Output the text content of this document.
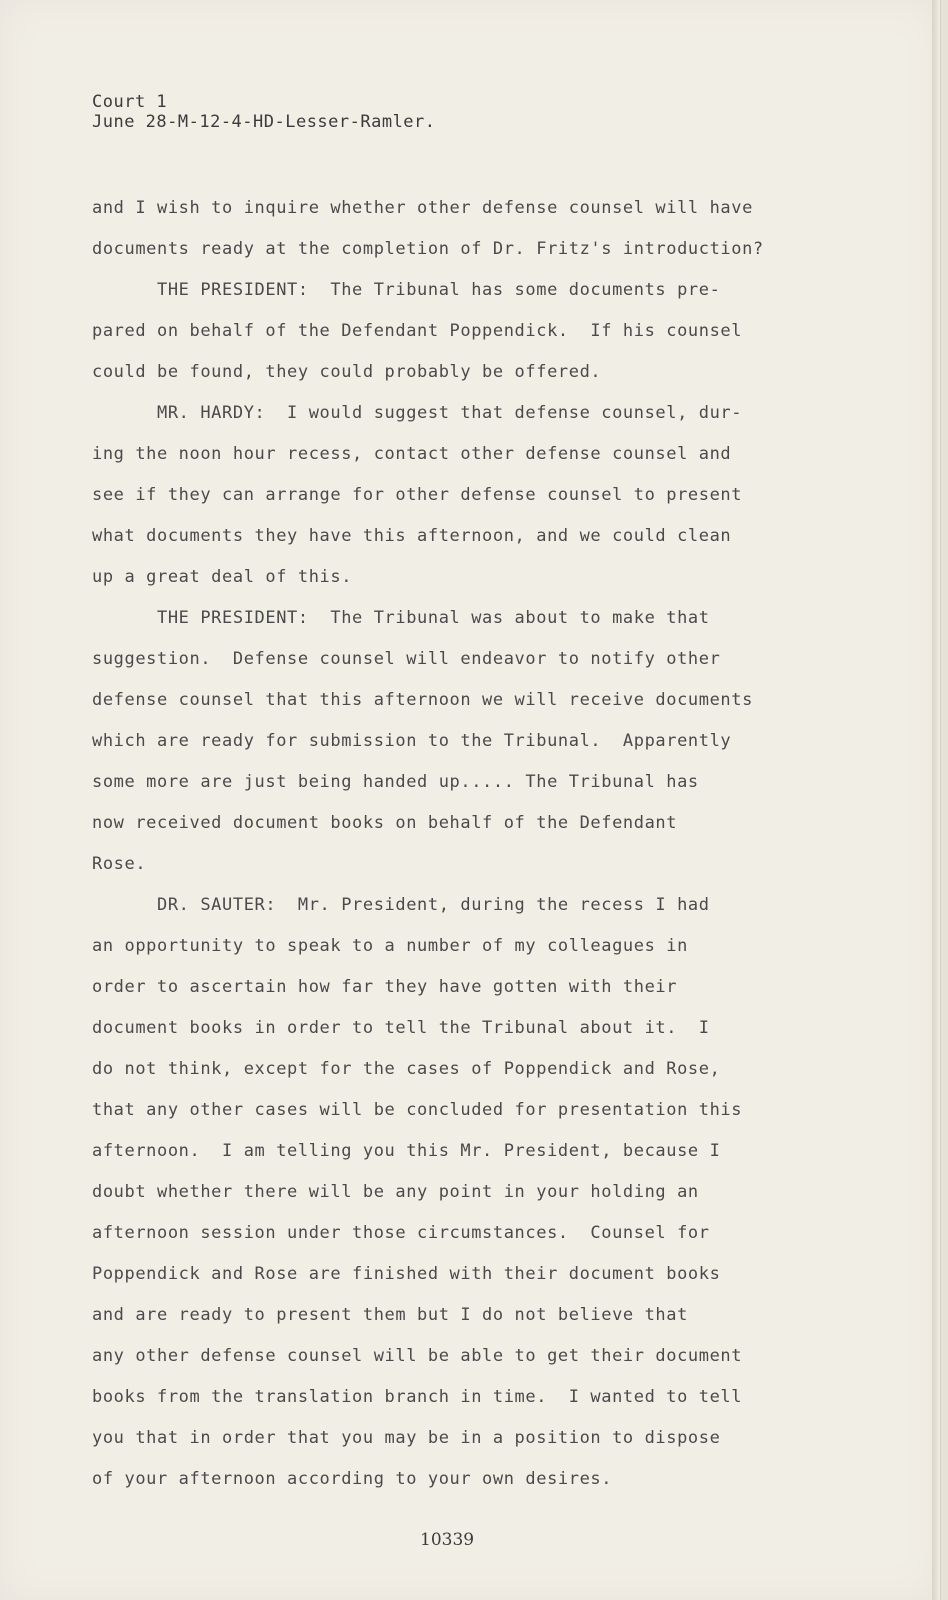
Court 1
June 28-M-12-4-HD-Lesser-Ramler.
and I wish to inquire whether other defense counsel will have
documents ready at the completion of Dr. Fritz's introduction?
THE PRESIDENT:  The Tribunal has some documents pre-
pared on behalf of the Defendant Poppendick.  If his counsel
could be found, they could probably be offered.
MR. HARDY:  I would suggest that defense counsel, dur-
ing the noon hour recess, contact other defense counsel and
see if they can arrange for other defense counsel to present
what documents they have this afternoon, and we could clean
up a great deal of this.
THE PRESIDENT:  The Tribunal was about to make that
suggestion.  Defense counsel will endeavor to notify other
defense counsel that this afternoon we will receive documents
which are ready for submission to the Tribunal.  Apparently
some more are just being handed up..... The Tribunal has
now received document books on behalf of the Defendant
Rose.
DR. SAUTER:  Mr. President, during the recess I had
an opportunity to speak to a number of my colleagues in
order to ascertain how far they have gotten with their
document books in order to tell the Tribunal about it.  I
do not think, except for the cases of Poppendick and Rose,
that any other cases will be concluded for presentation this
afternoon.  I am telling you this Mr. President, because I
doubt whether there will be any point in your holding an
afternoon session under those circumstances.  Counsel for
Poppendick and Rose are finished with their document books
and are ready to present them but I do not believe that
any other defense counsel will be able to get their document
books from the translation branch in time.  I wanted to tell
you that in order that you may be in a position to dispose
of your afternoon according to your own desires.
10339
